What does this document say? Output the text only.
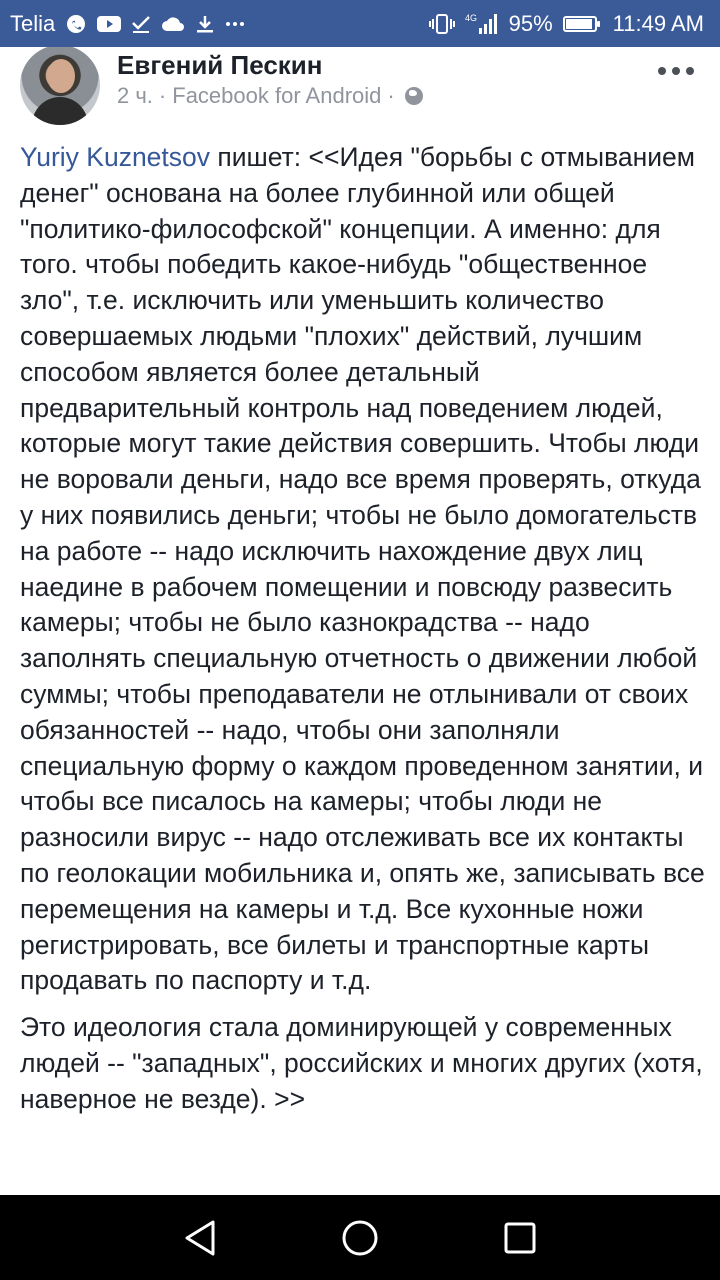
Telia	4G 95%	11:49 AM
Евгений Пескин
2 ч. · Facebook for Android ·

Yuriy Kuznetsov пишет: <<Идея "борьбы с отмыванием денег" основана на более глубинной или общей "политико-философской" концепции. А именно: для того. чтобы победить какое-нибудь "общественное зло", т.е. исключить или уменьшить количество совершаемых людьми "плохих" действий, лучшим способом является более детальный предварительный контроль над поведением людей, которые могут такие действия совершить. Чтобы люди не воровали деньги, надо все время проверять, откуда у них появились деньги; чтобы не было домогательств на работе -- надо исключить нахождение двух лиц наедине в рабочем помещении и повсюду развесить камеры; чтобы не было казнокрадства -- надо заполнять специальную отчетность о движении любой суммы; чтобы преподаватели не отлынивали от своих обязанностей -- надо, чтобы они заполняли специальную форму о каждом проведенном занятии, и чтобы все писалось на камеры; чтобы люди не разносили вирус -- надо отслеживать все их контакты по геолокации мобильника и, опять же, записывать все перемещения на камеры и т.д. Все кухонные ножи регистрировать, все билеты и транспортные карты продавать по паспорту и т.д.

Это идеология стала доминирующей у современных людей -- "западных", российских и многих других (хотя, наверное не везде). >>
